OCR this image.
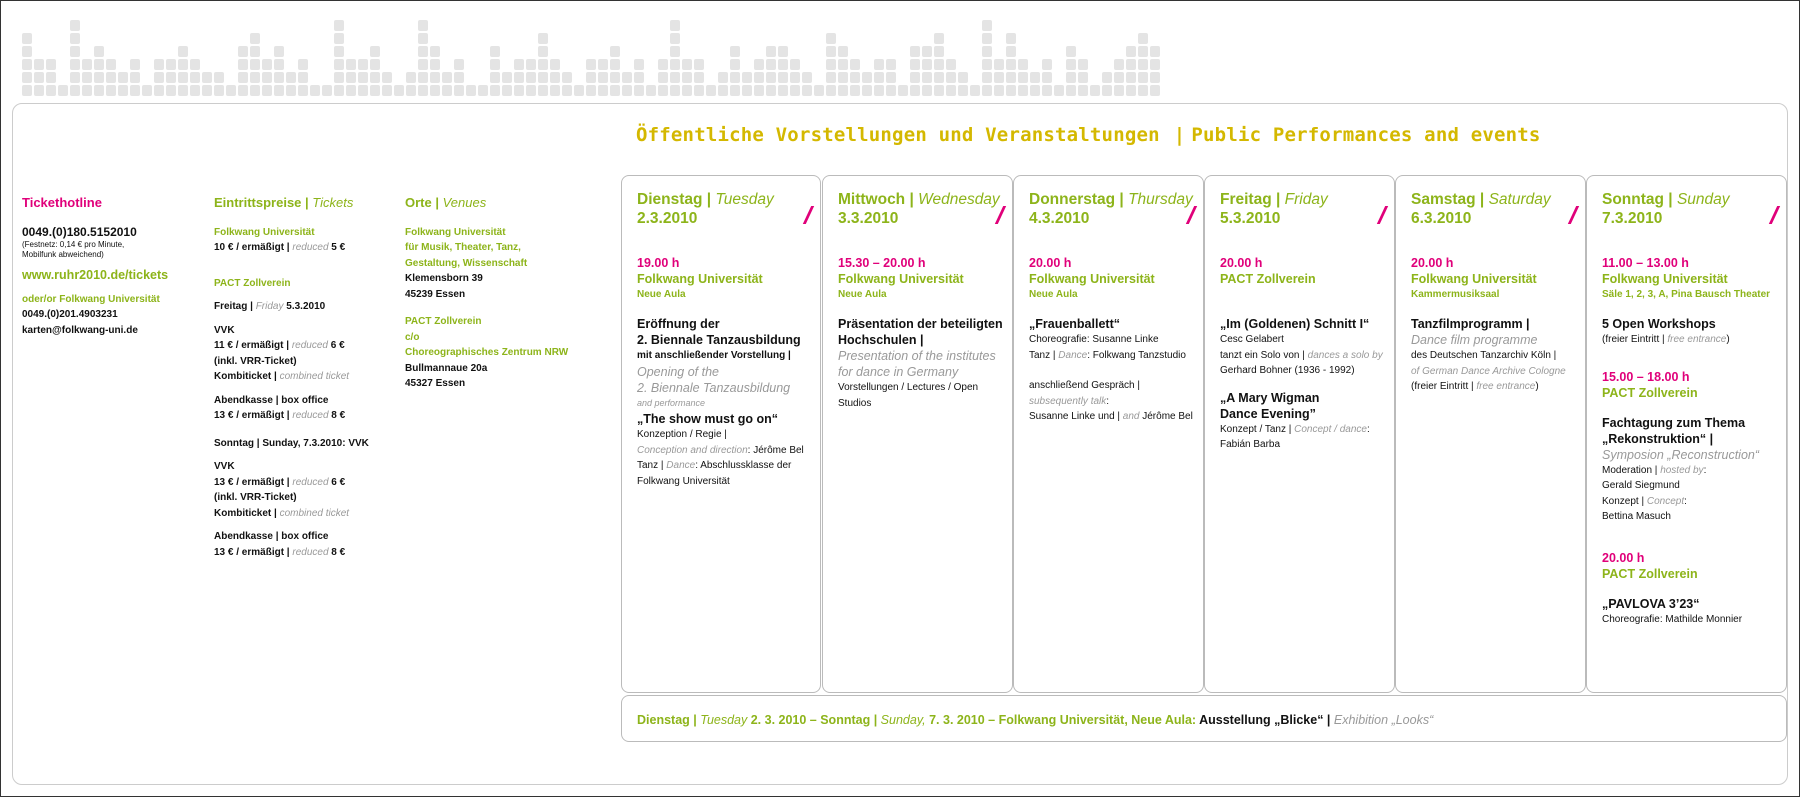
Öffentliche Vorstellungen und Veranstaltungen | Public Performances and events
Tickethotline

0049.(0)180.5152010

(Festnetz: 0,14 € pro Minute,

Mobilfunk abweichend)

www.ruhr2010.de/tickets

oder/or Folkwang Universität

0049.(0)201.4903231

karten@folkwang-uni.de

Eintrittspreise | Tickets

Folkwang Universität

10 € / ermäßigt | reduced 5 €

PACT Zollverein

Freitag | Friday 5.3.2010

VVK

11 € / ermäßigt | reduced 6 €

(inkl. VRR-Ticket)

Kombiticket | combined ticket

Abendkasse | box office

13 € / ermäßigt | reduced 8 €

Sonntag | Sunday, 7.3.2010: VVK

VVK

13 € / ermäßigt | reduced 6 €

(inkl. VRR-Ticket)

Kombiticket | combined ticket

Abendkasse | box office

13 € / ermäßigt | reduced 8 €

Orte | Venues

Folkwang Universität

für Musik, Theater, Tanz,

Gestaltung, Wissenschaft

Klemensborn 39

45239 Essen

PACT Zollverein

c/o

Choreographisches Zentrum NRW

Bullmannaue 20a

45327 Essen

Dienstag | Tuesday
2.3.2010
19.00 h
Folkwang Universität
Neue Aula
Eröffnung der
2. Biennale Tanzausbildung
mit anschließender Vorstellung |
Opening of the
2. Biennale Tanzausbildung
and performance
„The show must go on“
Konzeption / Regie |
Conception and direction: Jérôme Bel
Tanz | Dance: Abschlussklasse der
Folkwang Universität
Mittwoch | Wednesday
3.3.2010
15.30 – 20.00 h
Folkwang Universität
Neue Aula
Präsentation der beteiligten
Hochschulen |
Presentation of the institutes
for dance in Germany
Vorstellungen / Lectures / Open Studios
Donnerstag | Thursday
4.3.2010
20.00 h
Folkwang Universität
Neue Aula
„Frauenballett“
Choreografie: Susanne Linke
Tanz | Dance: Folkwang Tanzstudio
anschließend Gespräch |
subsequently talk:
Susanne Linke und | and Jérôme Bel
Freitag | Friday
5.3.2010
20.00 h
PACT Zollverein
„Im (Goldenen) Schnitt I“
Cesc Gelabert
tanzt ein Solo von | dances a solo by
Gerhard Bohner (1936 - 1992)
„A Mary Wigman
Dance Evening”
Konzept / Tanz | Concept / dance:
Fabián Barba
Samstag | Saturday
6.3.2010
20.00 h
Folkwang Universität
Kammermusiksaal
Tanzfilmprogramm |
Dance film programme
des Deutschen Tanzarchiv Köln |
of German Dance Archive Cologne
(freier Eintritt | free entrance)
Sonntag | Sunday
7.3.2010
11.00 – 13.00 h
Folkwang Universität
Säle 1, 2, 3, A, Pina Bausch Theater
5 Open Workshops
(freier Eintritt | free entrance)
15.00 – 18.00 h
PACT Zollverein
Fachtagung zum Thema
„Rekonstruktion“ |
Symposion „Reconstruction“
Moderation | hosted by:
Gerald Siegmund
Konzept | Concept:
Bettina Masuch
20.00 h
PACT Zollverein
„PAVLOVA 3’23“
Choreografie: Mathilde Monnier
Dienstag | Tuesday 2. 3. 2010 – Sonntag | Sunday, 7. 3. 2010 – Folkwang Universität, Neue Aula: Ausstellung „Blicke“ | Exhibition „Looks“
